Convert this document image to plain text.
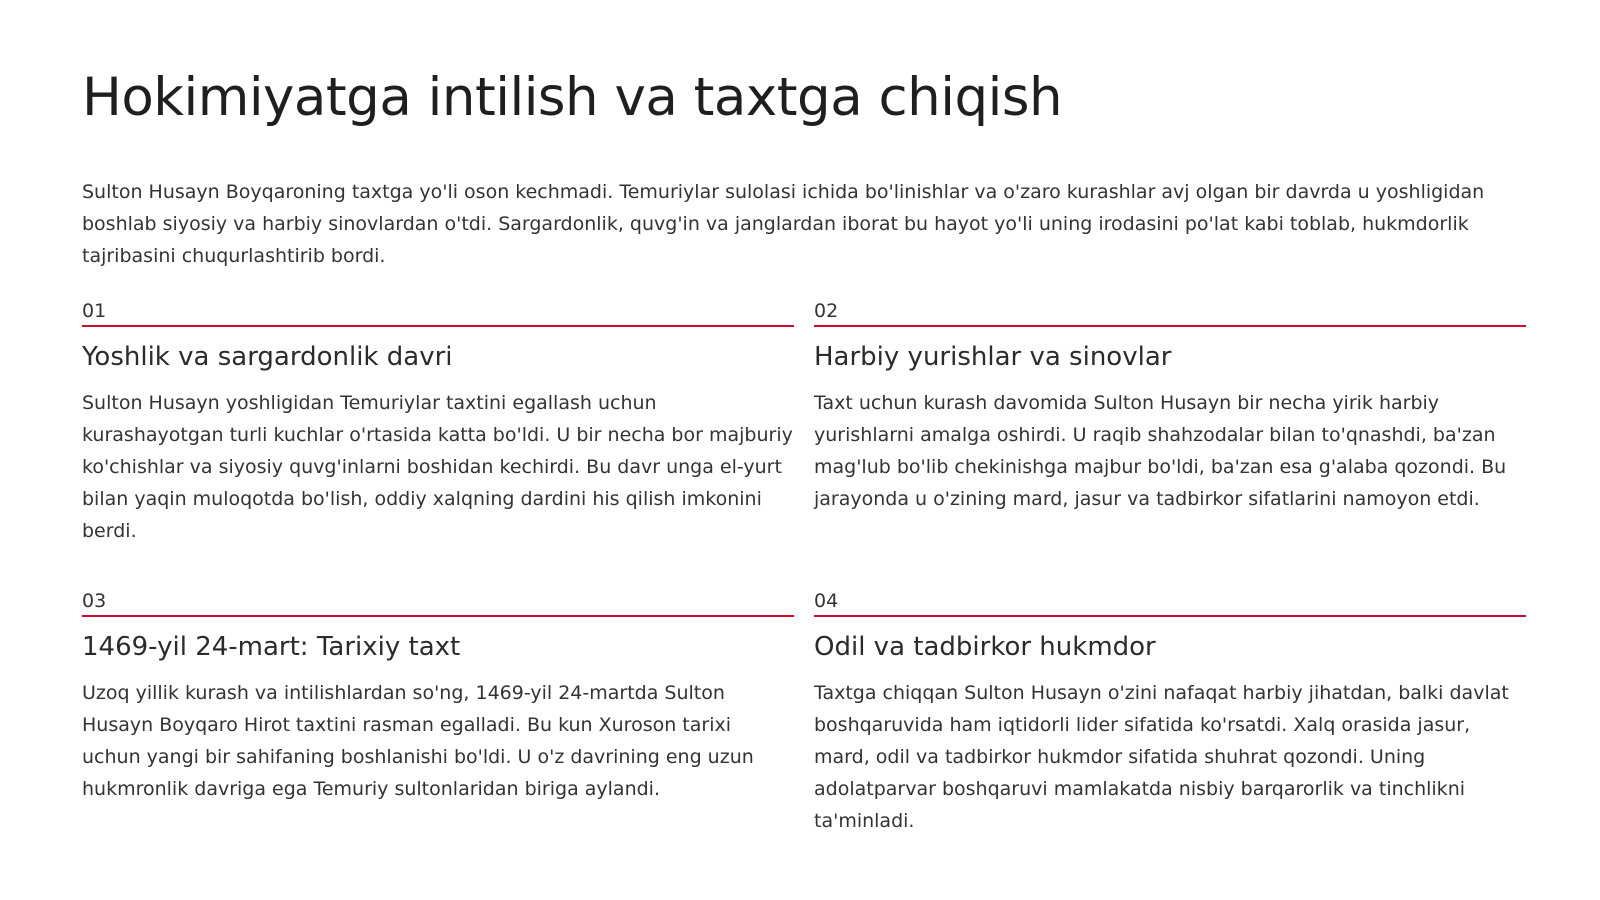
Hokimiyatga intilish va taxtga chiqish

Sulton Husayn Boyqaroning taxtga yo'li oson kechmadi. Temuriylar sulolasi ichida bo'linishlar va o'zaro kurashlar avj olgan bir davrda u yoshligidan boshlab siyosiy va harbiy sinovlardan o'tdi. Sargardonlik, quvg'in va janglardan iborat bu hayot yo'li uning irodasini po'lat kabi toblab, hukmdorlik tajribasini chuqurlashtirib bordi.

01
Yoshlik va sargardonlik davri

Sulton Husayn yoshligidan Temuriylar taxtini egallash uchun kurashayotgan turli kuchlar o'rtasida katta bo'ldi. U bir necha bor majburiy ko'chishlar va siyosiy quvg'inlarni boshidan kechirdi. Bu davr unga el-yurt bilan yaqin muloqotda bo'lish, oddiy xalqning dardini his qilish imkonini berdi.

02
Harbiy yurishlar va sinovlar

Taxt uchun kurash davomida Sulton Husayn bir necha yirik harbiy yurishlarni amalga oshirdi. U raqib shahzodalar bilan to'qnashdi, ba'zan mag'lub bo'lib chekinishga majbur bo'ldi, ba'zan esa g'alaba qozondi. Bu jarayonda u o'zining mard, jasur va tadbirkor sifatlarini namoyon etdi.

03
1469-yil 24-mart: Tarixiy taxt

Uzoq yillik kurash va intilishlardan so'ng, 1469-yil 24-martda Sulton Husayn Boyqaro Hirot taxtini rasman egalladi. Bu kun Xuroson tarixi uchun yangi bir sahifaning boshlanishi bo'ldi. U o'z davrining eng uzun hukmronlik davriga ega Temuriy sultonlaridan biriga aylandi.

04
Odil va tadbirkor hukmdor

Taxtga chiqqan Sulton Husayn o'zini nafaqat harbiy jihatdan, balki davlat boshqaruvida ham iqtidorli lider sifatida ko'rsatdi. Xalq orasida jasur, mard, odil va tadbirkor hukmdor sifatida shuhrat qozondi. Uning adolatparvar boshqaruvi mamlakatda nisbiy barqarorlik va tinchlikni ta'minladi.
